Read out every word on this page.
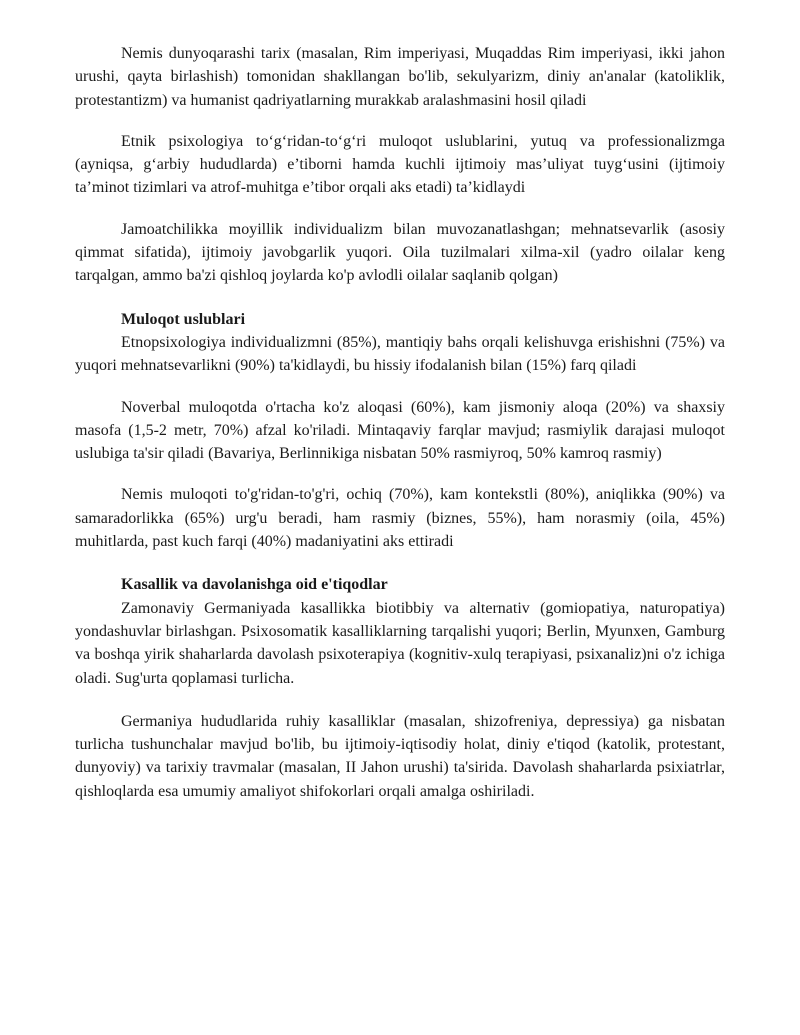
Nemis dunyoqarashi tarix (masalan, Rim imperiyasi, Muqaddas Rim imperiyasi, ikki jahon urushi, qayta birlashish) tomonidan shakllangan bo'lib, sekulyarizm, diniy an'analar (katoliklik, protestantizm) va humanist qadriyatlarning murakkab aralashmasini hosil qiladi

Etnik psixologiya to‘g‘ridan-to‘g‘ri muloqot uslublarini, yutuq va professionalizmga (ayniqsa, g‘arbiy hududlarda) e’tiborni hamda kuchli ijtimoiy mas’uliyat tuyg‘usini (ijtimoiy ta’minot tizimlari va atrof-muhitga e’tibor orqali aks etadi) ta’kidlaydi

Jamoatchilikka moyillik individualizm bilan muvozanatlashgan; mehnatsevarlik (asosiy qimmat sifatida), ijtimoiy javobgarlik yuqori. Oila tuzilmalari xilma-xil (yadro oilalar keng tarqalgan, ammo ba'zi qishloq joylarda ko'p avlodli oilalar saqlanib qolgan)

Muloqot uslublari

Etnopsixologiya individualizmni (85%), mantiqiy bahs orqali kelishuvga erishishni (75%) va yuqori mehnatsevarlikni (90%) ta'kidlaydi, bu hissiy ifodalanish bilan (15%) farq qiladi

Noverbal muloqotda o'rtacha ko'z aloqasi (60%), kam jismoniy aloqa (20%) va shaxsiy masofa (1,5-2 metr, 70%) afzal ko'riladi. Mintaqaviy farqlar mavjud; rasmiylik darajasi muloqot uslubiga ta'sir qiladi (Bavariya, Berlinnikiga nisbatan 50% rasmiyroq, 50% kamroq rasmiy)

Nemis muloqoti to'g'ridan-to'g'ri, ochiq (70%), kam kontekstli (80%), aniqlikka (90%) va samaradorlikka (65%) urg'u beradi, ham rasmiy (biznes, 55%), ham norasmiy (oila, 45%) muhitlarda, past kuch farqi (40%) madaniyatini aks ettiradi

Kasallik va davolanishga oid e'tiqodlar

Zamonaviy Germaniyada kasallikka biotibbiy va alternativ (gomiopatiya, naturopatiya) yondashuvlar birlashgan. Psixosomatik kasalliklarning tarqalishi yuqori; Berlin, Myunxen, Gamburg va boshqa yirik shaharlarda davolash psixoterapiya (kognitiv-xulq terapiyasi, psixanaliz)ni o'z ichiga oladi. Sug'urta qoplamasi turlicha.

Germaniya hududlarida ruhiy kasalliklar (masalan, shizofreniya, depressiya) ga nisbatan turlicha tushunchalar mavjud bo'lib, bu ijtimoiy-iqtisodiy holat, diniy e'tiqod (katolik, protestant, dunyoviy) va tarixiy travmalar (masalan, II Jahon urushi) ta'sirida. Davolash shaharlarda psixiatrlar, qishloqlarda esa umumiy amaliyot shifokorlari orqali amalga oshiriladi.
